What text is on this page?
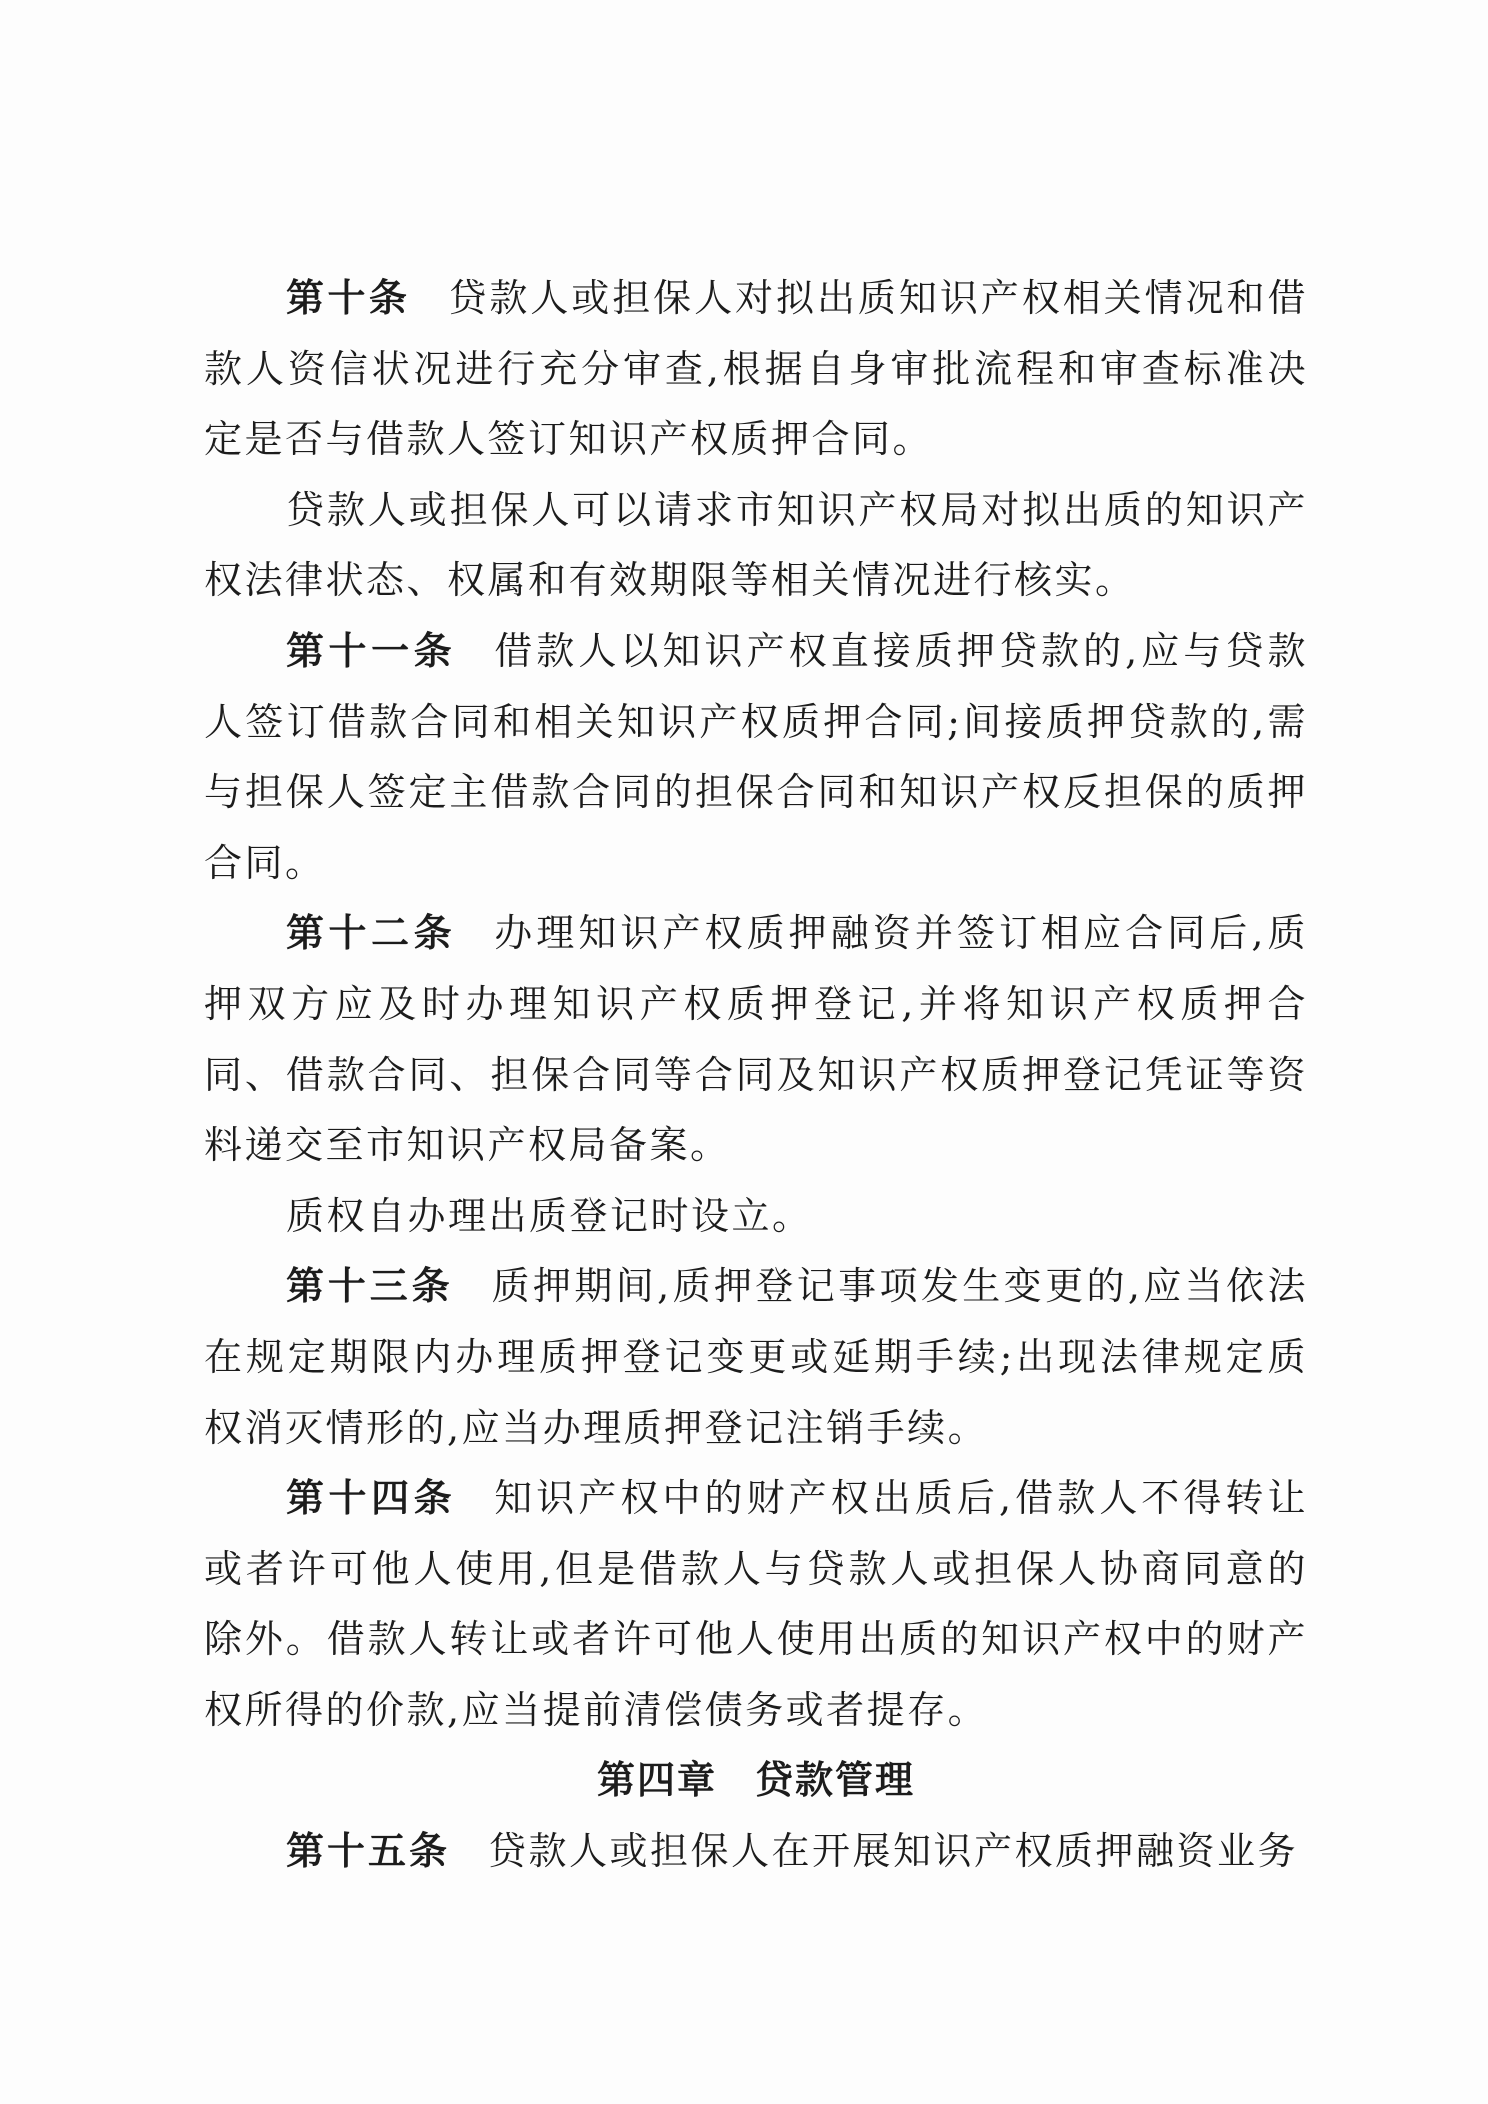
第十条 贷款人或担保人对拟出质知识产权相关情况和借款人资信状况进行充分审查,根据自身审批流程和审查标准决定是否与借款人签订知识产权质押合同。

贷款人或担保人可以请求市知识产权局对拟出质的知识产权法律状态、权属和有效期限等相关情况进行核实。

第十一条 借款人以知识产权直接质押贷款的,应与贷款人签订借款合同和相关知识产权质押合同;间接质押贷款的,需与担保人签定主借款合同的担保合同和知识产权反担保的质押合同。

第十二条 办理知识产权质押融资并签订相应合同后,质押双方应及时办理知识产权质押登记,并将知识产权质押合同、借款合同、担保合同等合同及知识产权质押登记凭证等资料递交至市知识产权局备案。

质权自办理出质登记时设立。

第十三条 质押期间,质押登记事项发生变更的,应当依法在规定期限内办理质押登记变更或延期手续;出现法律规定质权消灭情形的,应当办理质押登记注销手续。

第十四条 知识产权中的财产权出质后,借款人不得转让或者许可他人使用,但是借款人与贷款人或担保人协商同意的除外。借款人转让或者许可他人使用出质的知识产权中的财产权所得的价款,应当提前清偿债务或者提存。

第四章 贷款管理

第十五条 贷款人或担保人在开展知识产权质押融资业务
